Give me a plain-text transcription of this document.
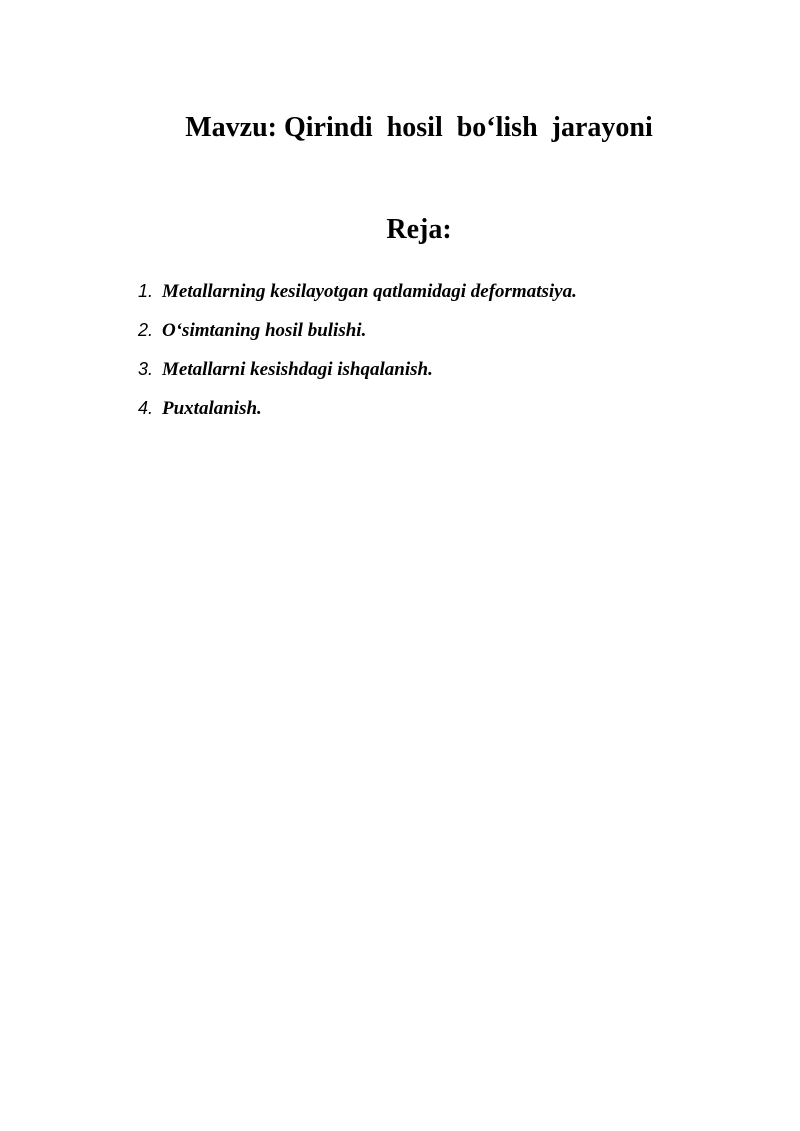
Mavzu: Qirindi  hosil  bo‘lish  jarayoni
Reja:
1. Metallarning kesilayotgan qatlamidagi deformatsiya.
2. O‘simtaning hosil bulishi.
3. Metallarni kesishdagi ishqalanish.
4. Puxtalanish.
